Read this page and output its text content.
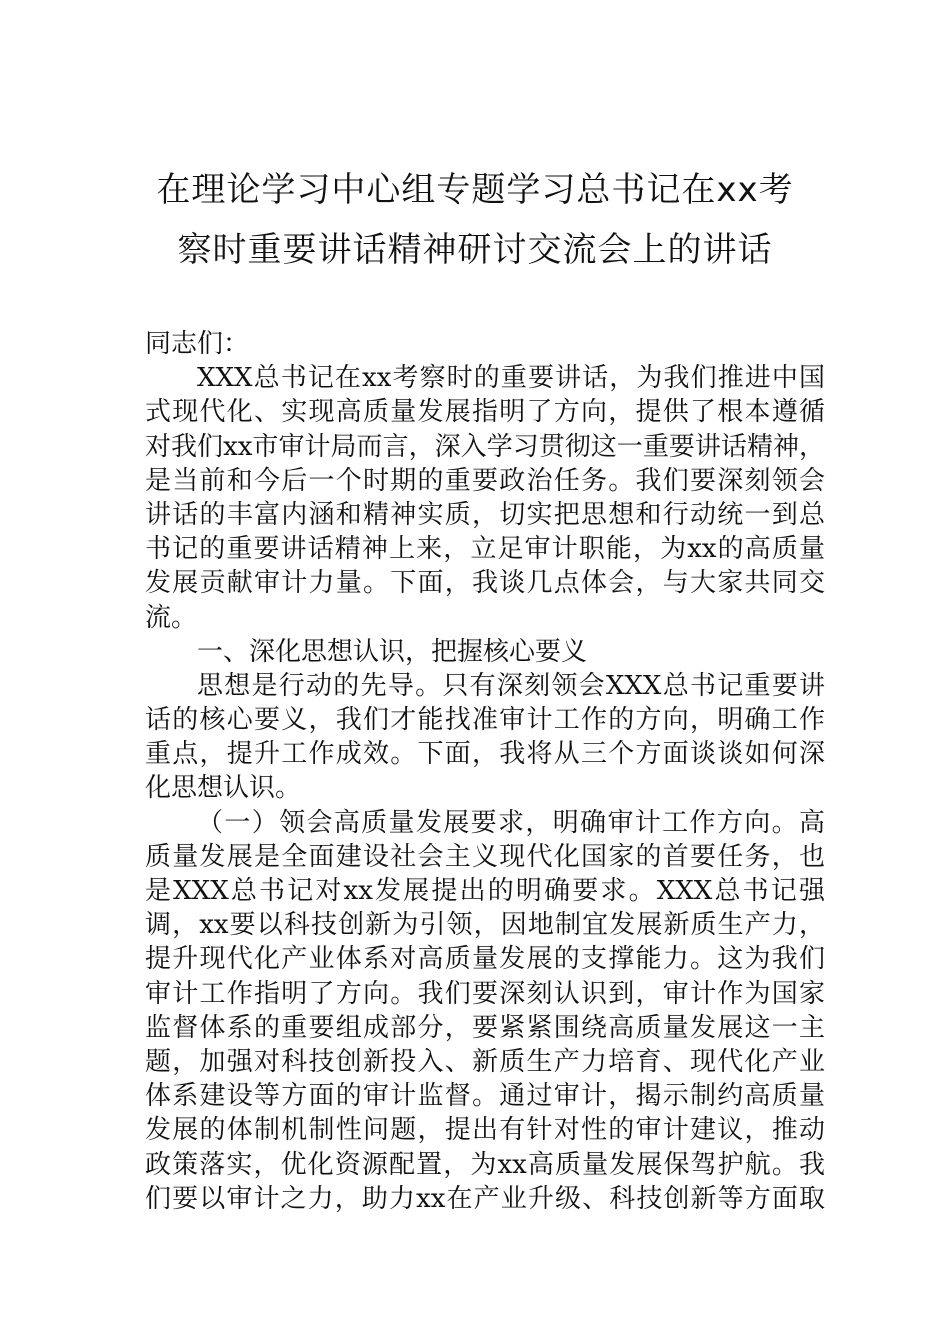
在理论学习中心组专题学习总书记在xx考
察时重要讲话精神研讨交流会上的讲话
同志们：
XXX总书记在xx考察时的重要讲话，为我们推进中国
式现代化、实现高质量发展指明了方向，提供了根本遵循
对我们xx市审计局而言，深入学习贯彻这一重要讲话精神，
是当前和今后一个时期的重要政治任务。我们要深刻领会
讲话的丰富内涵和精神实质，切实把思想和行动统一到总
书记的重要讲话精神上来，立足审计职能，为xx的高质量
发展贡献审计力量。下面，我谈几点体会，与大家共同交
流。
一、深化思想认识，把握核心要义
思想是行动的先导。只有深刻领会XXX总书记重要讲
话的核心要义，我们才能找准审计工作的方向，明确工作
重点，提升工作成效。下面，我将从三个方面谈谈如何深
化思想认识。
（一）领会高质量发展要求，明确审计工作方向。高
质量发展是全面建设社会主义现代化国家的首要任务，也
是XXX总书记对xx发展提出的明确要求。XXX总书记强
调，xx要以科技创新为引领，因地制宜发展新质生产力，
提升现代化产业体系对高质量发展的支撑能力。这为我们
审计工作指明了方向。我们要深刻认识到，审计作为国家
监督体系的重要组成部分，要紧紧围绕高质量发展这一主
题，加强对科技创新投入、新质生产力培育、现代化产业
体系建设等方面的审计监督。通过审计，揭示制约高质量
发展的体制机制性问题，提出有针对性的审计建议，推动
政策落实，优化资源配置，为xx高质量发展保驾护航。我
们要以审计之力，助力xx在产业升级、科技创新等方面取
